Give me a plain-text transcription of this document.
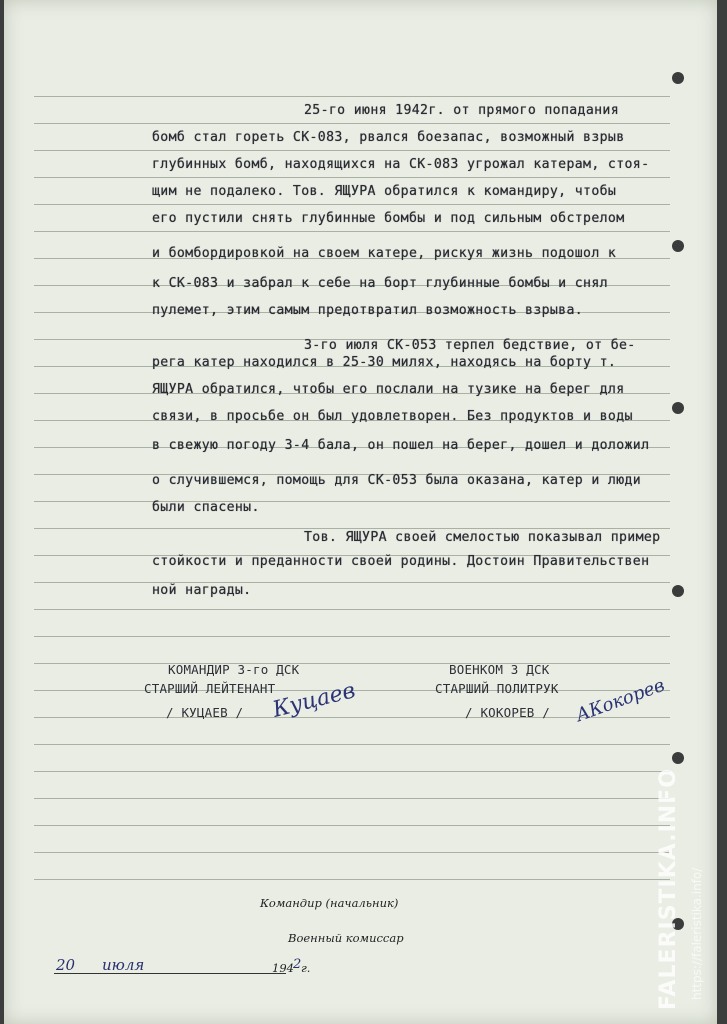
25-го июня 1942г. от прямого попадания
бомб стал гореть СК-083, рвался боезапас, возможный взрыв
глубинных бомб, находящихся на СК-083 угрожал катерам, стоя-
щим не подалеко. Тов. ЯЩУРА обратился к командиру, чтобы
его пустили снять глубинные бомбы и под сильным обстрелом
и бомбордировкой на своем катере, рискуя жизнь подошол к
к СК-083 и забрал к себе на борт глубинные бомбы и снял
пулемет, этим самым предотвратил возможность взрыва.
3-го июля СК-053 терпел бедствие, от бе-
рега катер находился в 25-30 милях, находясь на борту т.
ЯЩУРА обратился, чтобы его послали на тузике на берег для
связи, в просьбе он был удовлетворен. Без продуктов и воды
в свежую погоду 3-4 бала, он пошел на берег, дошел и доложил
о случившемся, помощь для СК-053 была оказана, катер и люди
были спасены.
Тов. ЯЩУРА своей смелостью показывал пример
стойкости и преданности своей родины. Достоин Правительствен
ной награды.
КОМАНДИР 3-го ДСК
СТАРШИЙ ЛЕЙТЕНАНТ
/ КУЦАЕВ / Куцаев
ВОЕНКОМ 3 ДСК
СТАРШИЙ ПОЛИТРУК
/ КОКОРЕВ / АКокорев
Командир (начальник)
Военный комиссар
20 июля	194 2 г.	FALERISTIKA.INFO https://faleristika.info/
